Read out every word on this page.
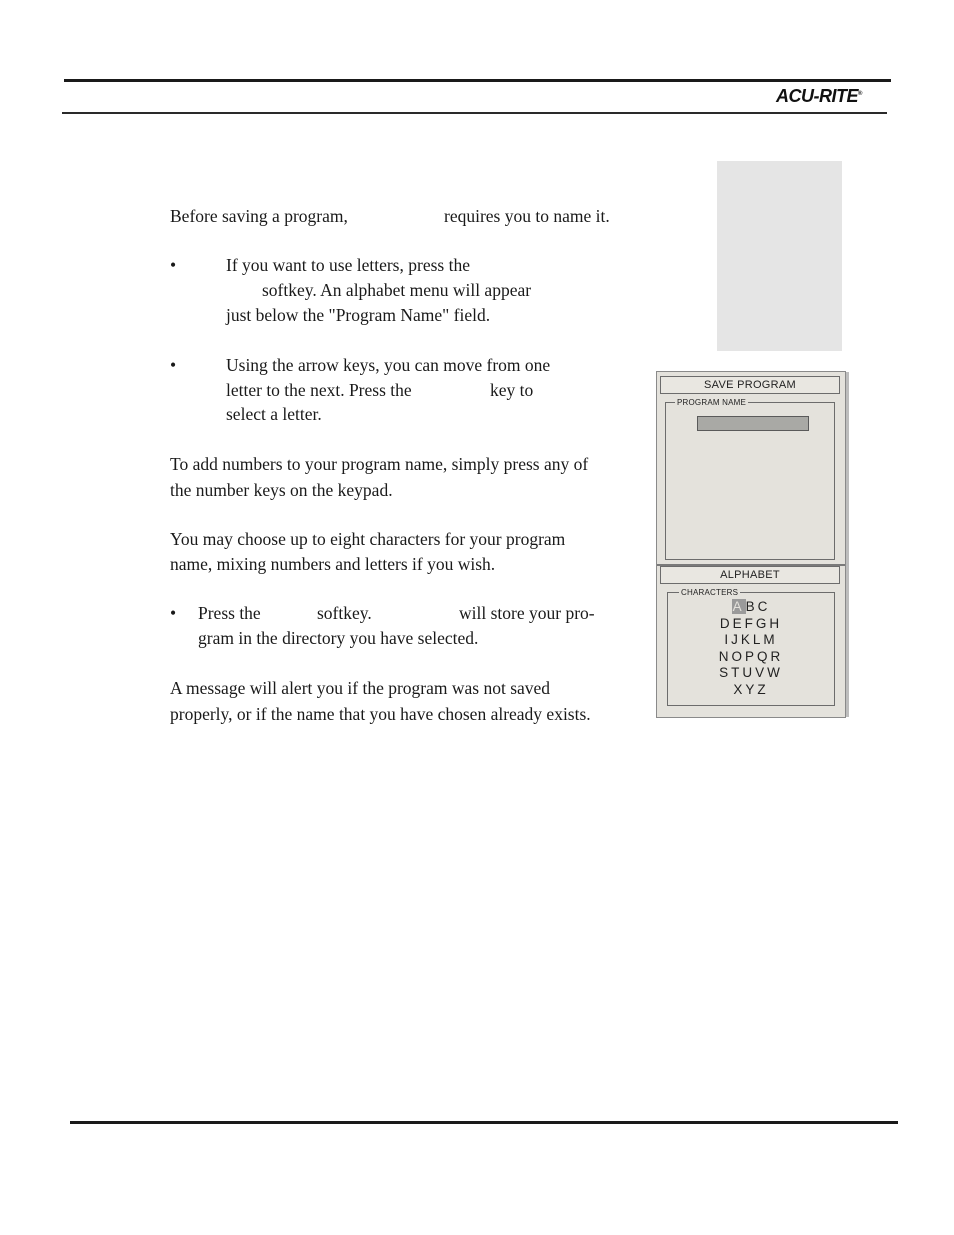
ACU-RITE®
Before saving a program,	requires you to name it.
•	If you want to use letters, press the
softkey. An alphabet menu will appear
just below the "Program Name" field.
•	Using the arrow keys, you can move from one
letter to the next. Press the	key to
select a letter.
To add numbers to your program name, simply press any of
the number keys on the keypad.
You may choose up to eight characters for your program
name, mixing numbers and letters if you wish.
• Press the	softkey.	will store your pro-
gram in the directory you have selected.
A message will alert you if the program was not saved
properly, or if the name that you have chosen already exists.
SAVE PROGRAM
PROGRAM NAME
ALPHABET
CHARACTERS
ABC
DEFGH
IJKLM
NOPQR
STUVW
XYZ
